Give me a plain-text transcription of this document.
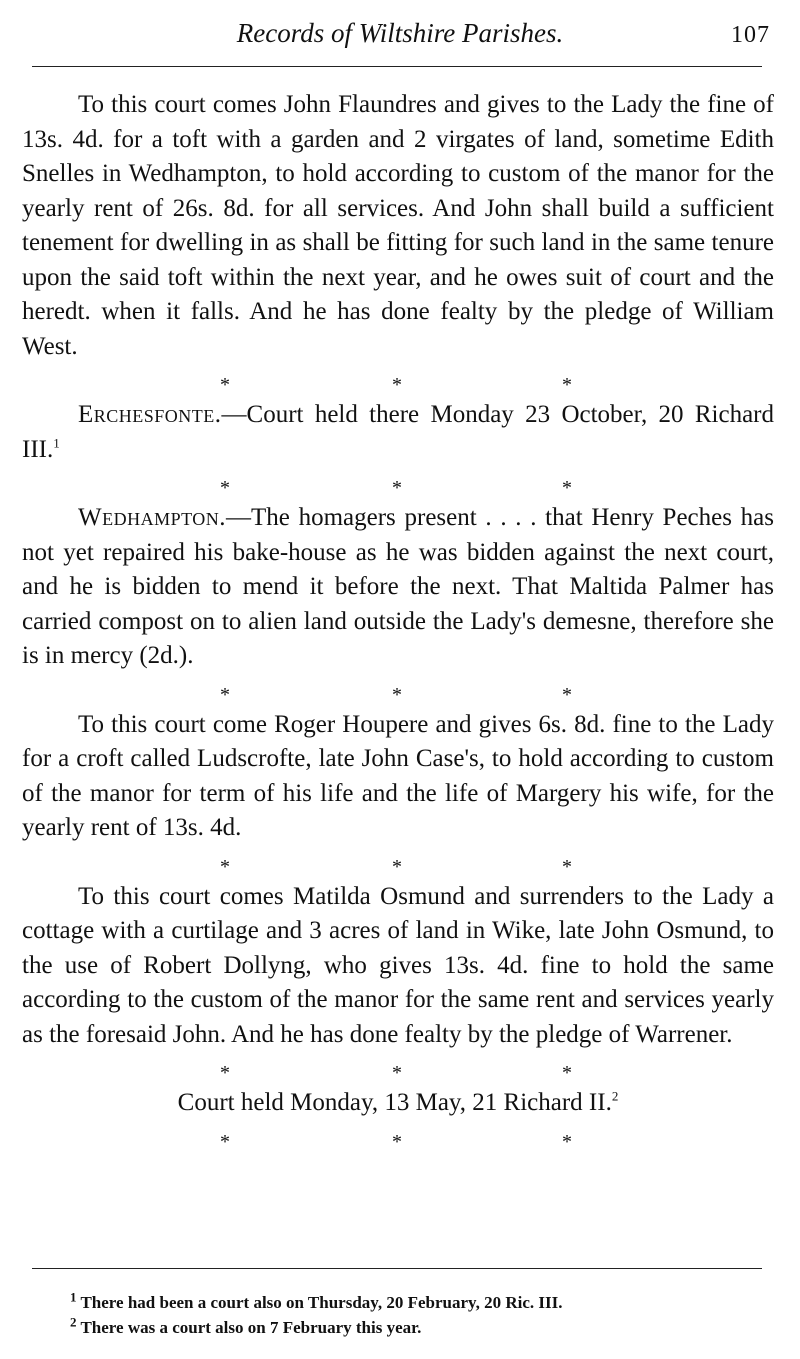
Records of Wiltshire Parishes.	107

To this court comes John Flaundres and gives to the Lady the fine of 13s. 4d. for a toft with a garden and 2 virgates of land, sometime Edith Snelles in Wedhampton, to hold according to custom of the manor for the yearly rent of 26s. 8d. for all services. And John shall build a sufficient tenement for dwelling in as shall be fitting for such land in the same tenure upon the said toft within the next year, and he owes suit of court and the heredt. when it falls. And he has done fealty by the pledge of William West.

*	*	*

Erchesfonte.—Court held there Monday 23 October, 20 Richard III.$^1$

*	*	*

Wedhampton.—The homagers present . . . . that Henry Peches has not yet repaired his bake-house as he was bidden against the next court, and he is bidden to mend it before the next. That Maltida Palmer has carried compost on to alien land outside the Lady's demesne, therefore she is in mercy (2d.).

*	*	*

To this court come Roger Houpere and gives 6s. 8d. fine to the Lady for a croft called Ludscrofte, late John Case's, to hold according to custom of the manor for term of his life and the life of Margery his wife, for the yearly rent of 13s. 4d.

*	*	*

To this court comes Matilda Osmund and surrenders to the Lady a cottage with a curtilage and 3 acres of land in Wike, late John Osmund, to the use of Robert Dollyng, who gives 13s. 4d. fine to hold the same according to the custom of the manor for the same rent and services yearly as the foresaid John. And he has done fealty by the pledge of Warrener.

*	*	*

Court held Monday, 13 May, 21 Richard II.$^2$

*	*	*

$^1$ There had been a court also on Thursday, 20 February, 20 Ric. III.

$^2$ There was a court also on 7 February this year.
